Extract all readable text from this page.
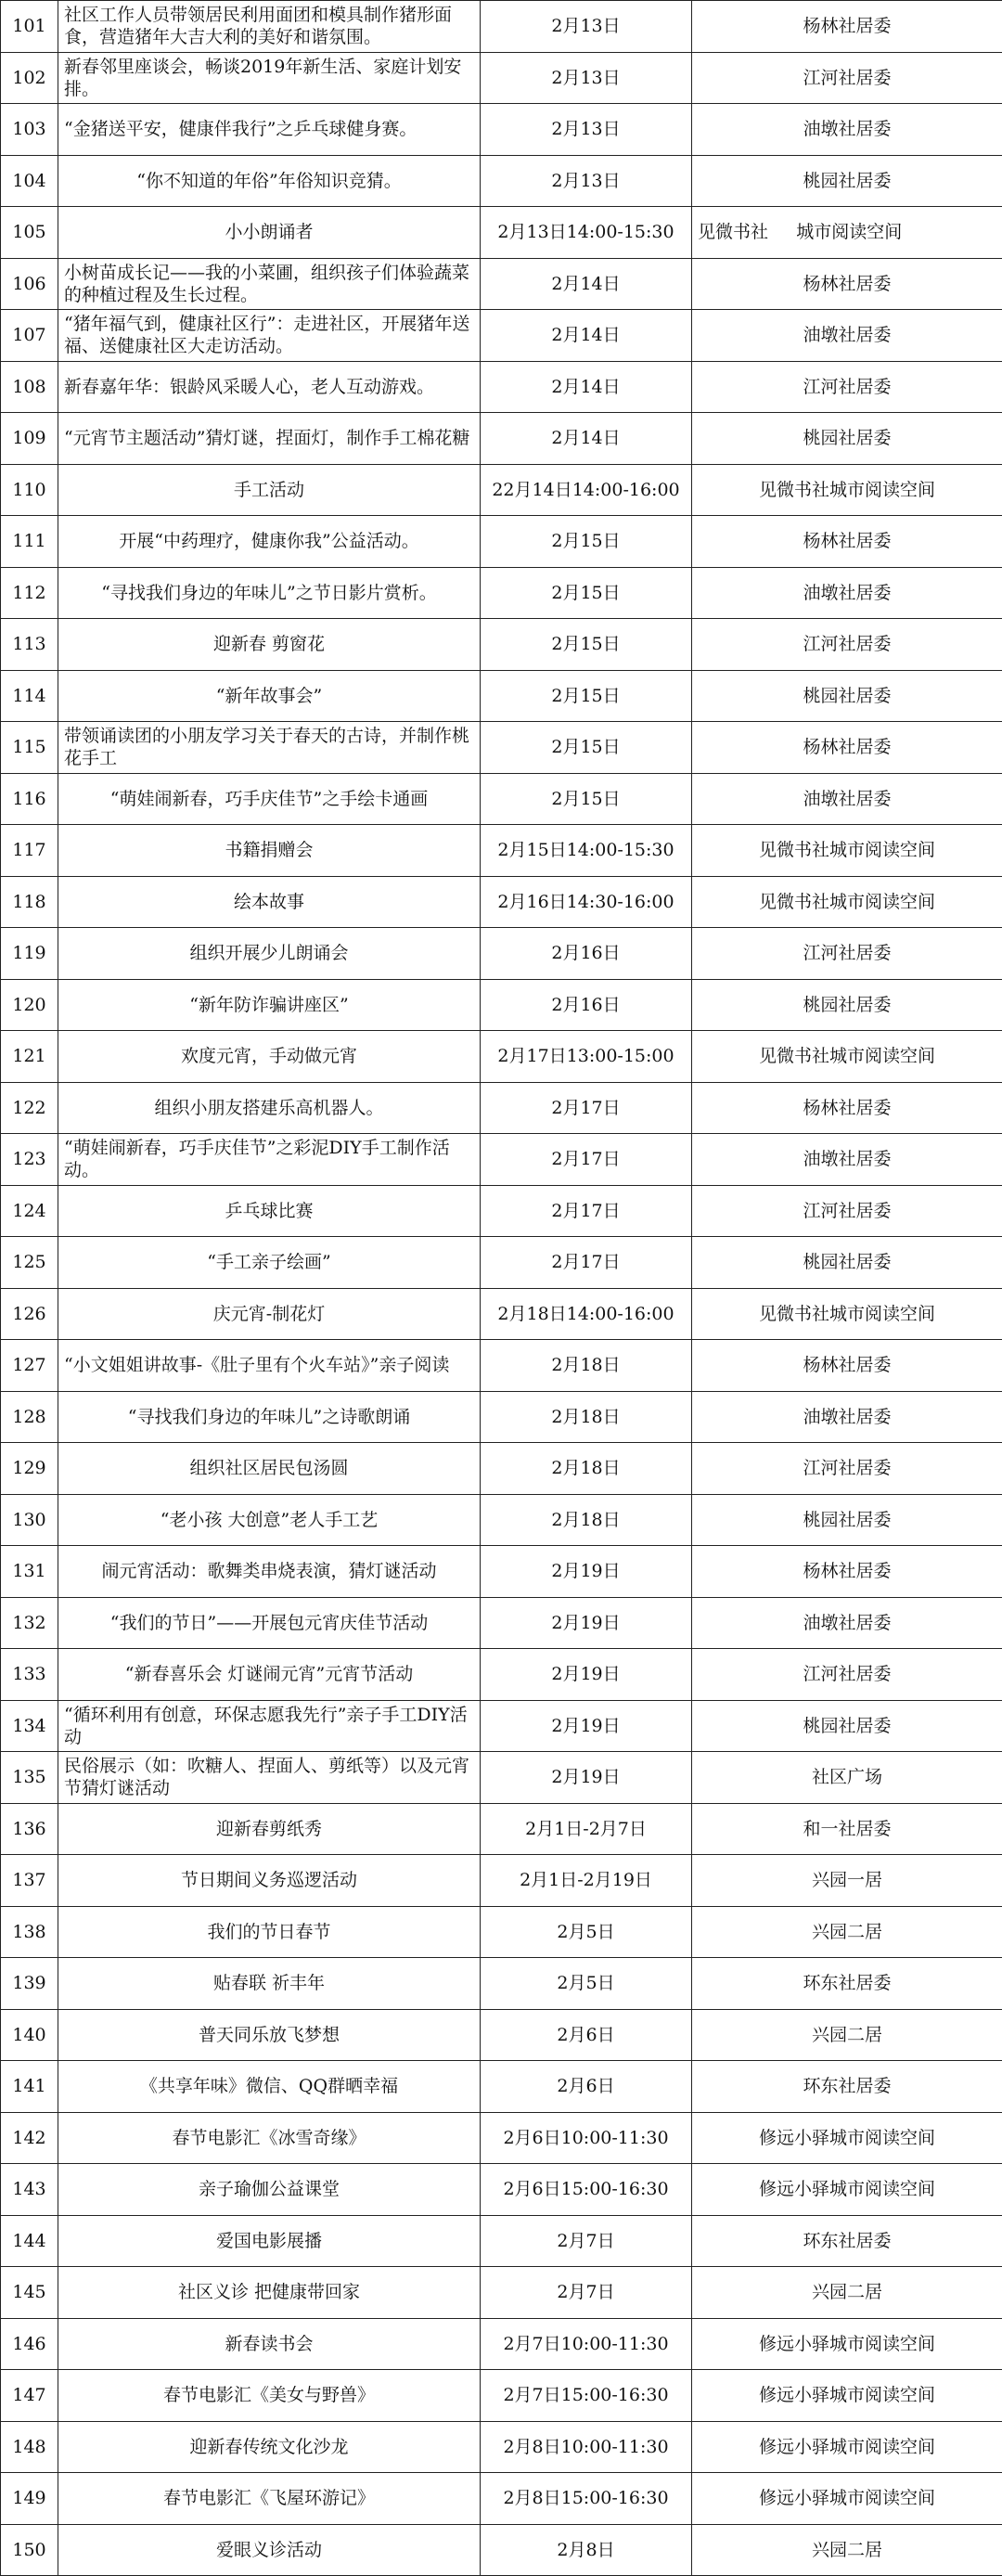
101	社区工作人员带领居民利用面团和模具制作猪形面食，营造猪年大吉大利的美好和谐氛围。	2月13日	杨林社居委
102	新春邻里座谈会，畅谈2019年新生活、家庭计划安排。	2月13日	江河社居委
103	“金猪送平安，健康伴我行”之乒乓球健身赛。	2月13日	油墩社居委
104	“你不知道的年俗”年俗知识竞猜。	2月13日	桃园社居委
105	小小朗诵者	2月13日14:00-15:30	见微书社     城市阅读空间
106	小树苗成长记——我的小菜圃，组织孩子们体验蔬菜的种植过程及生长过程。	2月14日	杨林社居委
107	“猪年福气到，健康社区行”：走进社区，开展猪年送福、送健康社区大走访活动。	2月14日	油墩社居委
108	新春嘉年华：银龄风采暖人心，老人互动游戏。	2月14日	江河社居委
109	“元宵节主题活动”猜灯谜，捏面灯，制作手工棉花糖	2月14日	桃园社居委
110	手工活动	22月14日14:00-16:00	见微书社城市阅读空间
111	开展“中药理疗，健康你我”公益活动。	2月15日	杨林社居委
112	“寻找我们身边的年味儿”之节日影片赏析。	2月15日	油墩社居委
113	迎新春 剪窗花	2月15日	江河社居委
114	“新年故事会”	2月15日	桃园社居委
115	带领诵读团的小朋友学习关于春天的古诗，并制作桃花手工	2月15日	杨林社居委
116	“萌娃闹新春，巧手庆佳节”之手绘卡通画	2月15日	油墩社居委
117	书籍捐赠会	2月15日14:00-15:30	见微书社城市阅读空间
118	绘本故事	2月16日14:30-16:00	见微书社城市阅读空间
119	组织开展少儿朗诵会	2月16日	江河社居委
120	“新年防诈骗讲座区”	2月16日	桃园社居委
121	欢度元宵，手动做元宵	2月17日13:00-15:00	见微书社城市阅读空间
122	组织小朋友搭建乐高机器人。	2月17日	杨林社居委
123	“萌娃闹新春，巧手庆佳节”之彩泥DIY手工制作活动。	2月17日	油墩社居委
124	乒乓球比赛	2月17日	江河社居委
125	“手工亲子绘画”	2月17日	桃园社居委
126	庆元宵-制花灯	2月18日14:00-16:00	见微书社城市阅读空间
127	“小文姐姐讲故事-《肚子里有个火车站》”亲子阅读	2月18日	杨林社居委
128	“寻找我们身边的年味儿”之诗歌朗诵	2月18日	油墩社居委
129	组织社区居民包汤圆	2月18日	江河社居委
130	“老小孩 大创意”老人手工艺	2月18日	桃园社居委
131	闹元宵活动：歌舞类串烧表演，猜灯谜活动	2月19日	杨林社居委
132	“我们的节日”——开展包元宵庆佳节活动	2月19日	油墩社居委
133	“新春喜乐会 灯谜闹元宵”元宵节活动	2月19日	江河社居委
134	“循环利用有创意，环保志愿我先行”亲子手工DIY活动	2月19日	桃园社居委
135	民俗展示（如：吹糖人、捏面人、剪纸等）以及元宵节猜灯谜活动	2月19日	社区广场
136	迎新春剪纸秀	2月1日-2月7日	和一社居委
137	节日期间义务巡逻活动	2月1日-2月19日	兴园一居
138	我们的节日春节	2月5日	兴园二居
139	贴春联 祈丰年	2月5日	环东社居委
140	普天同乐放飞梦想	2月6日	兴园二居
141	《共享年味》微信、QQ群晒幸福	2月6日	环东社居委
142	春节电影汇《冰雪奇缘》	2月6日10:00-11:30	修远小驿城市阅读空间
143	亲子瑜伽公益课堂	2月6日15:00-16:30	修远小驿城市阅读空间
144	爱国电影展播	2月7日	环东社居委
145	社区义诊 把健康带回家	2月7日	兴园二居
146	新春读书会	2月7日10:00-11:30	修远小驿城市阅读空间
147	春节电影汇《美女与野兽》	2月7日15:00-16:30	修远小驿城市阅读空间
148	迎新春传统文化沙龙	2月8日10:00-11:30	修远小驿城市阅读空间
149	春节电影汇《飞屋环游记》	2月8日15:00-16:30	修远小驿城市阅读空间
150	爱眼义诊活动	2月8日	兴园二居
